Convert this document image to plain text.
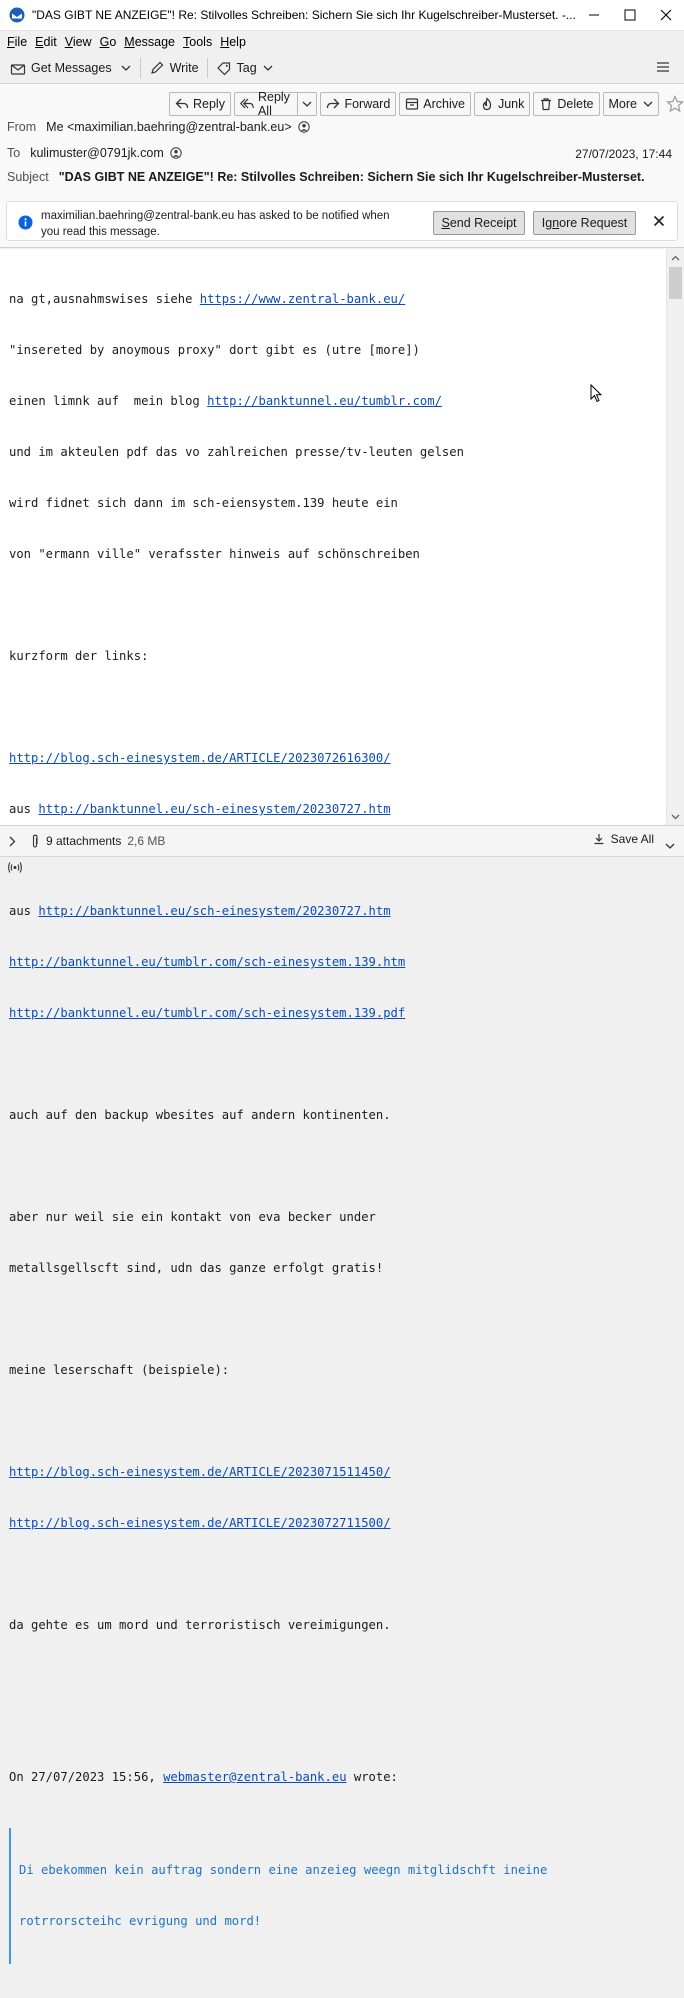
"DAS GIBT NE ANZEIGE"! Re: Stilvolles Schreiben: Sichern Sie sich Ihr Kugelschreiber-Musterset. -...
File Edit View Go Message Tools Help
Get Messages	Write	Tag
Reply	Reply All	Forward	Archive	Junk	Delete More
From Me <maximilian.baehring@zentral-bank.eu>
To kulimuster@0791jk.com	27/07/2023, 17:44
Subject "DAS GIBT NE ANZEIGE"! Re: Stilvolles Schreiben: Sichern Sie sich Ihr Kugelschreiber-Musterset.
maximilian.baehring@zentral-bank.eu has asked to be notified when you read this message.
S end Receipt Ig n ore Request

na gt,ausnahmswises siehe https://www.zentral-bank.eu/

"insereted by anoymous proxy" dort gibt es (utre [more])

einen limnk auf  mein blog http://banktunnel.eu/tumblr.com/

und im akteulen pdf das vo zahlreichen presse/tv-leuten gelsen

wird fidnet sich dann im sch-eiensystem.139 heute ein

von "ermann ville" verafsster hinweis auf schönschreiben

kurzform der links:

http://blog.sch-einesystem.de/ARTICLE/2023072616300/

aus http://banktunnel.eu/sch-einesystem/20230727.htm

aus http://banktunnel.eu/sch-einesystem/20230727.htm

http://banktunnel.eu/tumblr.com/sch-einesystem.139.htm

http://banktunnel.eu/tumblr.com/sch-einesystem.139.pdf

auch auf den backup wbesites auf andern kontinenten.

aber nur weil sie ein kontakt von eva becker under

metallsgellscft sind, udn das ganze erfolgt gratis!

meine leserschaft (beispiele):

http://blog.sch-einesystem.de/ARTICLE/2023071511450/

http://blog.sch-einesystem.de/ARTICLE/2023072711500/

da gehte es um mord und terroristisch vereimigungen.

On 27/07/2023 15:56, webmaster@zentral-bank.eu wrote:

Di ebekommen kein auftrag sondern eine anzeieg weegn mitglidschft ineine

rotrrorscteihc evrigung und mord!

9 attachments 2,6 MB	Save All
